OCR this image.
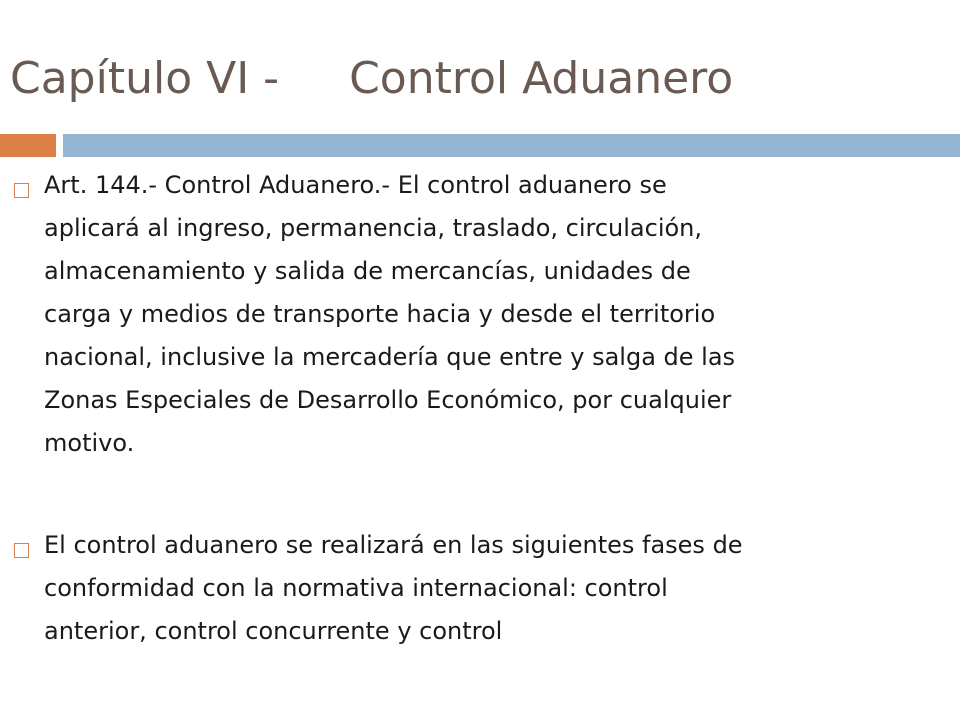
Capítulo VI - Control Aduanero
Art. 144.- Control Aduanero.- El control aduanero se
aplicará al ingreso, permanencia, traslado, circulación,
almacenamiento y salida de mercancías, unidades de
carga y medios de transporte hacia y desde el territorio
nacional, inclusive la mercadería que entre y salga de las
Zonas Especiales de Desarrollo Económico, por cualquier
motivo.
El control aduanero se realizará en las siguientes fases de
conformidad con la normativa internacional: control
anterior, control concurrente y control
